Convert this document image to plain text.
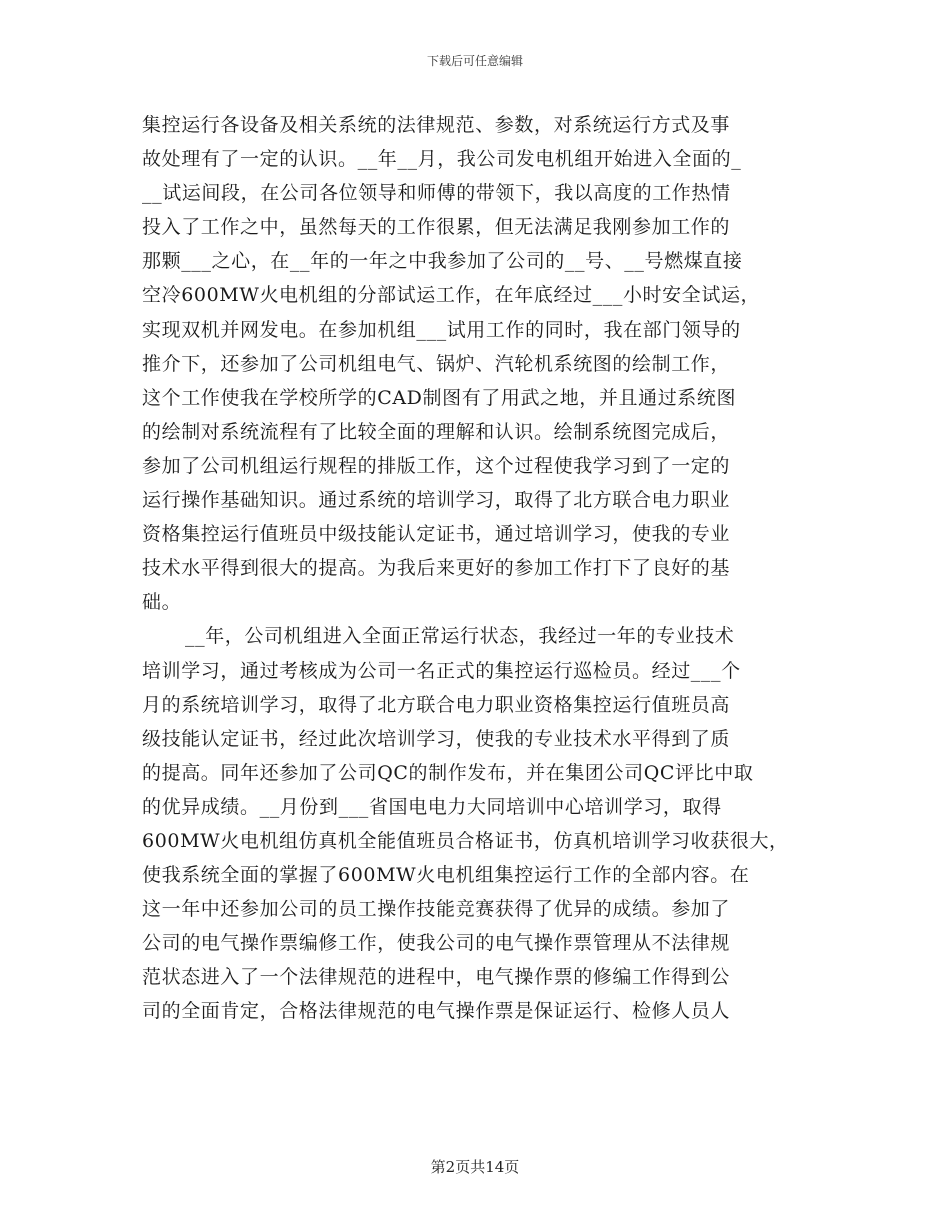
下载后可任意编辑
集控运行各设备及相关系统的法律规范、参数，对系统运行方式及事
故处理有了一定的认识。__年__月，我公司发电机组开始进入全面的_
__试运间段，在公司各位领导和师傅的带领下，我以高度的工作热情
投入了工作之中，虽然每天的工作很累，但无法满足我刚参加工作的
那颗___之心，在__年的一年之中我参加了公司的__号、__号燃煤直接
空冷600MW火电机组的分部试运工作，在年底经过___小时安全试运，
实现双机并网发电。在参加机组___试用工作的同时，我在部门领导的
推介下，还参加了公司机组电气、锅炉、汽轮机系统图的绘制工作，
这个工作使我在学校所学的CAD制图有了用武之地，并且通过系统图
的绘制对系统流程有了比较全面的理解和认识。绘制系统图完成后，
参加了公司机组运行规程的排版工作，这个过程使我学习到了一定的
运行操作基础知识。通过系统的培训学习，取得了北方联合电力职业
资格集控运行值班员中级技能认定证书，通过培训学习，使我的专业
技术水平得到很大的提高。为我后来更好的参加工作打下了良好的基
础。
__年，公司机组进入全面正常运行状态，我经过一年的专业技术
培训学习，通过考核成为公司一名正式的集控运行巡检员。经过___个
月的系统培训学习，取得了北方联合电力职业资格集控运行值班员高
级技能认定证书，经过此次培训学习，使我的专业技术水平得到了质
的提高。同年还参加了公司QC的制作发布，并在集团公司QC评比中取
的优异成绩。__月份到___省国电电力大同培训中心培训学习，取得
600MW火电机组仿真机全能值班员合格证书，仿真机培训学习收获很大，
使我系统全面的掌握了600MW火电机组集控运行工作的全部内容。在
这一年中还参加公司的员工操作技能竞赛获得了优异的成绩。参加了
公司的电气操作票编修工作，使我公司的电气操作票管理从不法律规
范状态进入了一个法律规范的进程中，电气操作票的修编工作得到公
司的全面肯定，合格法律规范的电气操作票是保证运行、检修人员人
第2页共14页
